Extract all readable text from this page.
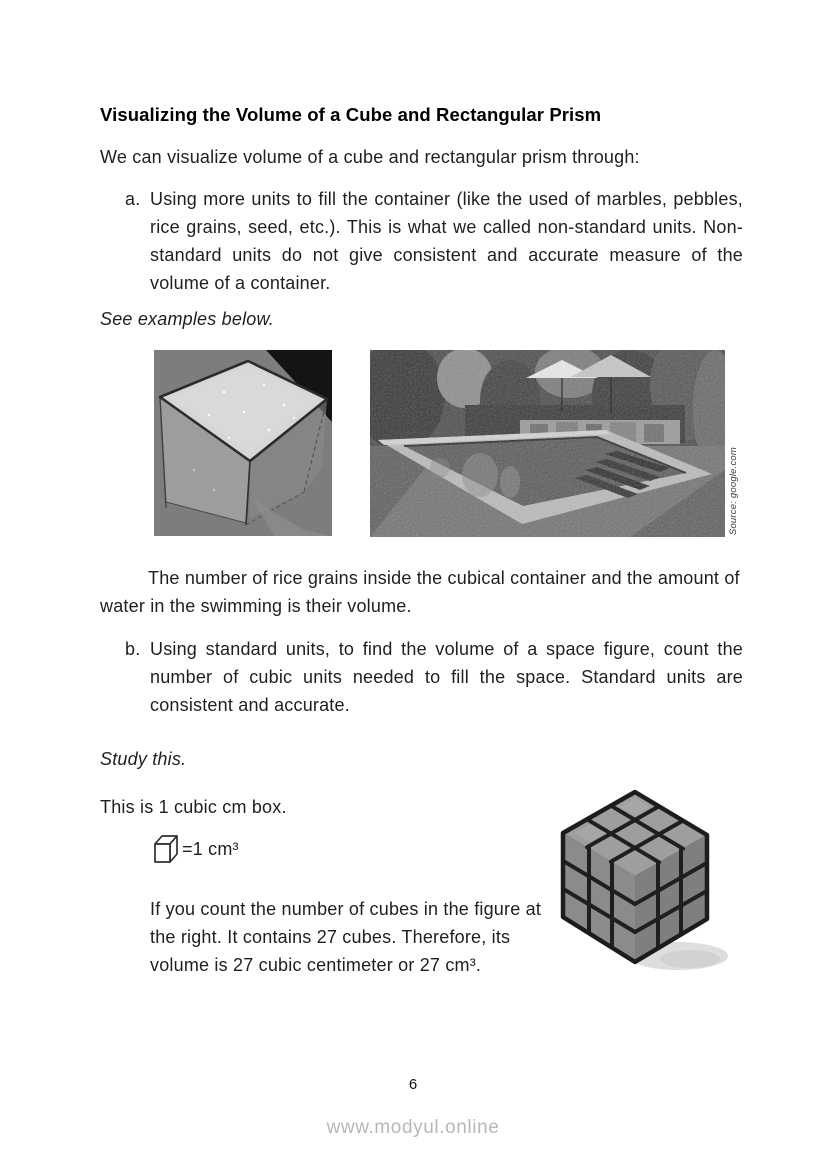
Visualizing the Volume of a Cube and Rectangular Prism

We can visualize volume of a cube and rectangular prism through:

a. Using more units to fill the container (like the used of marbles, pebbles, rice grains, seed, etc.). This is what we called non-standard units. Non-standard units do not give consistent and accurate measure of the volume of a container.

See examples below.

Source: google.com

The number of rice grains inside the cubical container and the amount of water in the swimming is their volume.

b. Using standard units, to find the volume of a space figure, count the number of cubic units needed to fill the space. Standard units are consistent and accurate.

Study this.

This is 1 cubic cm box.

=1 cm³

If you count the number of cubes in the figure at the right. It contains 27 cubes. Therefore, its volume is 27 cubic centimeter or 27 cm³.

6
www.modyul.online
